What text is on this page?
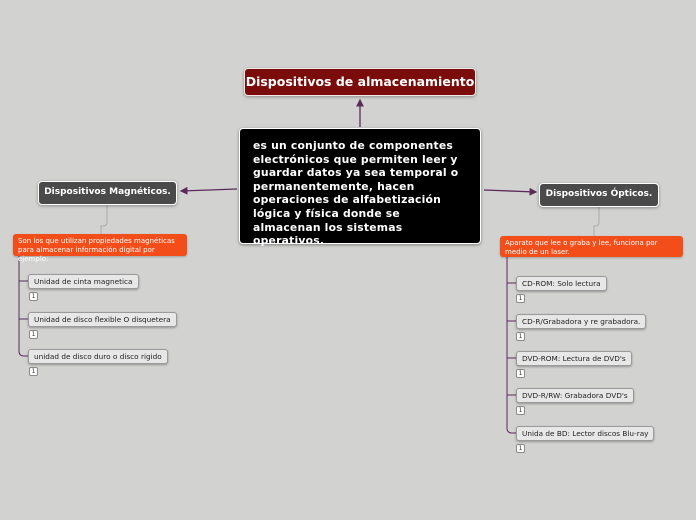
Dispositivos de almacenamiento
es un conjunto de componentes electrónicos que permiten leer y guardar datos ya sea temporal o permanentemente, hacen operaciones de alfabetización lógica y física donde se almacenan los sistemas operativos.
Dispositivos Magnéticos.
Son los que utilizan propiedades magnéticas para almacenar información digital por ejemplo:
Unidad de cinta magnetica
1
Unidad de disco flexible O disquetera
1
unidad de disco duro o disco rigido
1
Dispositivos Ópticos.
Aparato que lee o graba y lee, funciona por medio de un laser.
CD-ROM: Solo lectura
1
CD-R/Grabadora y re grabadora.
1
DVD-ROM: Lectura de DVD's
1
DVD-R/RW: Grabadora DVD's
1
Unida de BD: Lector discos Blu-ray
1
